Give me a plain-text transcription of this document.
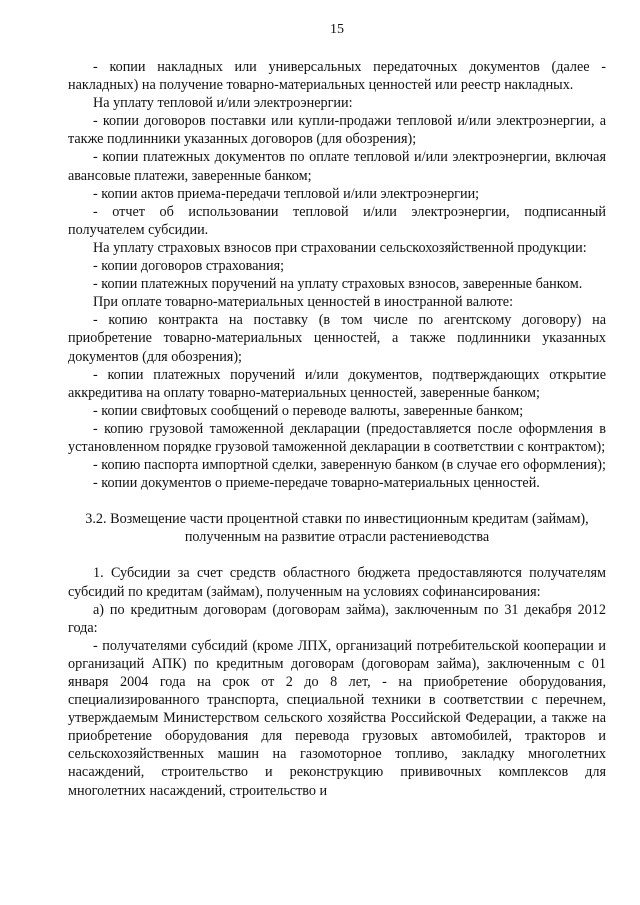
15

- копии накладных или универсальных передаточных документов (далее - накладных) на получение товарно-материальных ценностей или реестр накладных.

На уплату тепловой и/или электроэнергии:

- копии договоров поставки или купли-продажи тепловой и/или электроэнергии, а также подлинники указанных договоров (для обозрения);

- копии платежных документов по оплате тепловой и/или электроэнергии, включая авансовые платежи, заверенные банком;

- копии актов приема-передачи тепловой и/или электроэнергии;

- отчет об использовании тепловой и/или электроэнергии, подписанный получателем субсидии.

На уплату страховых взносов при страховании сельскохозяйственной продукции:

- копии договоров страхования;

- копии платежных поручений на уплату страховых взносов, заверенные банком.

При оплате товарно-материальных ценностей в иностранной валюте:

- копию контракта на поставку (в том числе по агентскому договору) на приобретение товарно-материальных ценностей, а также подлинники указанных документов (для обозрения);

- копии платежных поручений и/или документов, подтверждающих открытие аккредитива на оплату товарно-материальных ценностей, заверенные банком;

- копии свифтовых сообщений о переводе валюты, заверенные банком;

- копию грузовой таможенной декларации (предоставляется после оформления в установленном порядке грузовой таможенной декларации в соответствии с контрактом);

- копию паспорта импортной сделки, заверенную банком (в случае его оформления);

- копии документов о приеме-передаче товарно-материальных ценностей.

3.2. Возмещение части процентной ставки по инвестиционным кредитам (займам),
полученным на развитие отрасли растениеводства

1. Субсидии за счет средств областного бюджета предоставляются получателям субсидий по кредитам (займам), полученным на условиях софинансирования:

а) по кредитным договорам (договорам займа), заключенным по 31 декабря 2012 года:

- получателями субсидий (кроме ЛПХ, организаций потребительской кооперации и организаций АПК) по кредитным договорам (договорам займа), заключенным с 01 января 2004 года на срок от 2 до 8 лет, - на приобретение оборудования, специализированного транспорта, специальной техники в соответствии с перечнем, утверждаемым Министерством сельского хозяйства Российской Федерации, а также на приобретение оборудования для перевода грузовых автомобилей, тракторов и сельскохозяйственных машин на газомоторное топливо, закладку многолетних насаждений, строительство и реконструкцию прививочных комплексов для многолетних насаждений, строительство и
